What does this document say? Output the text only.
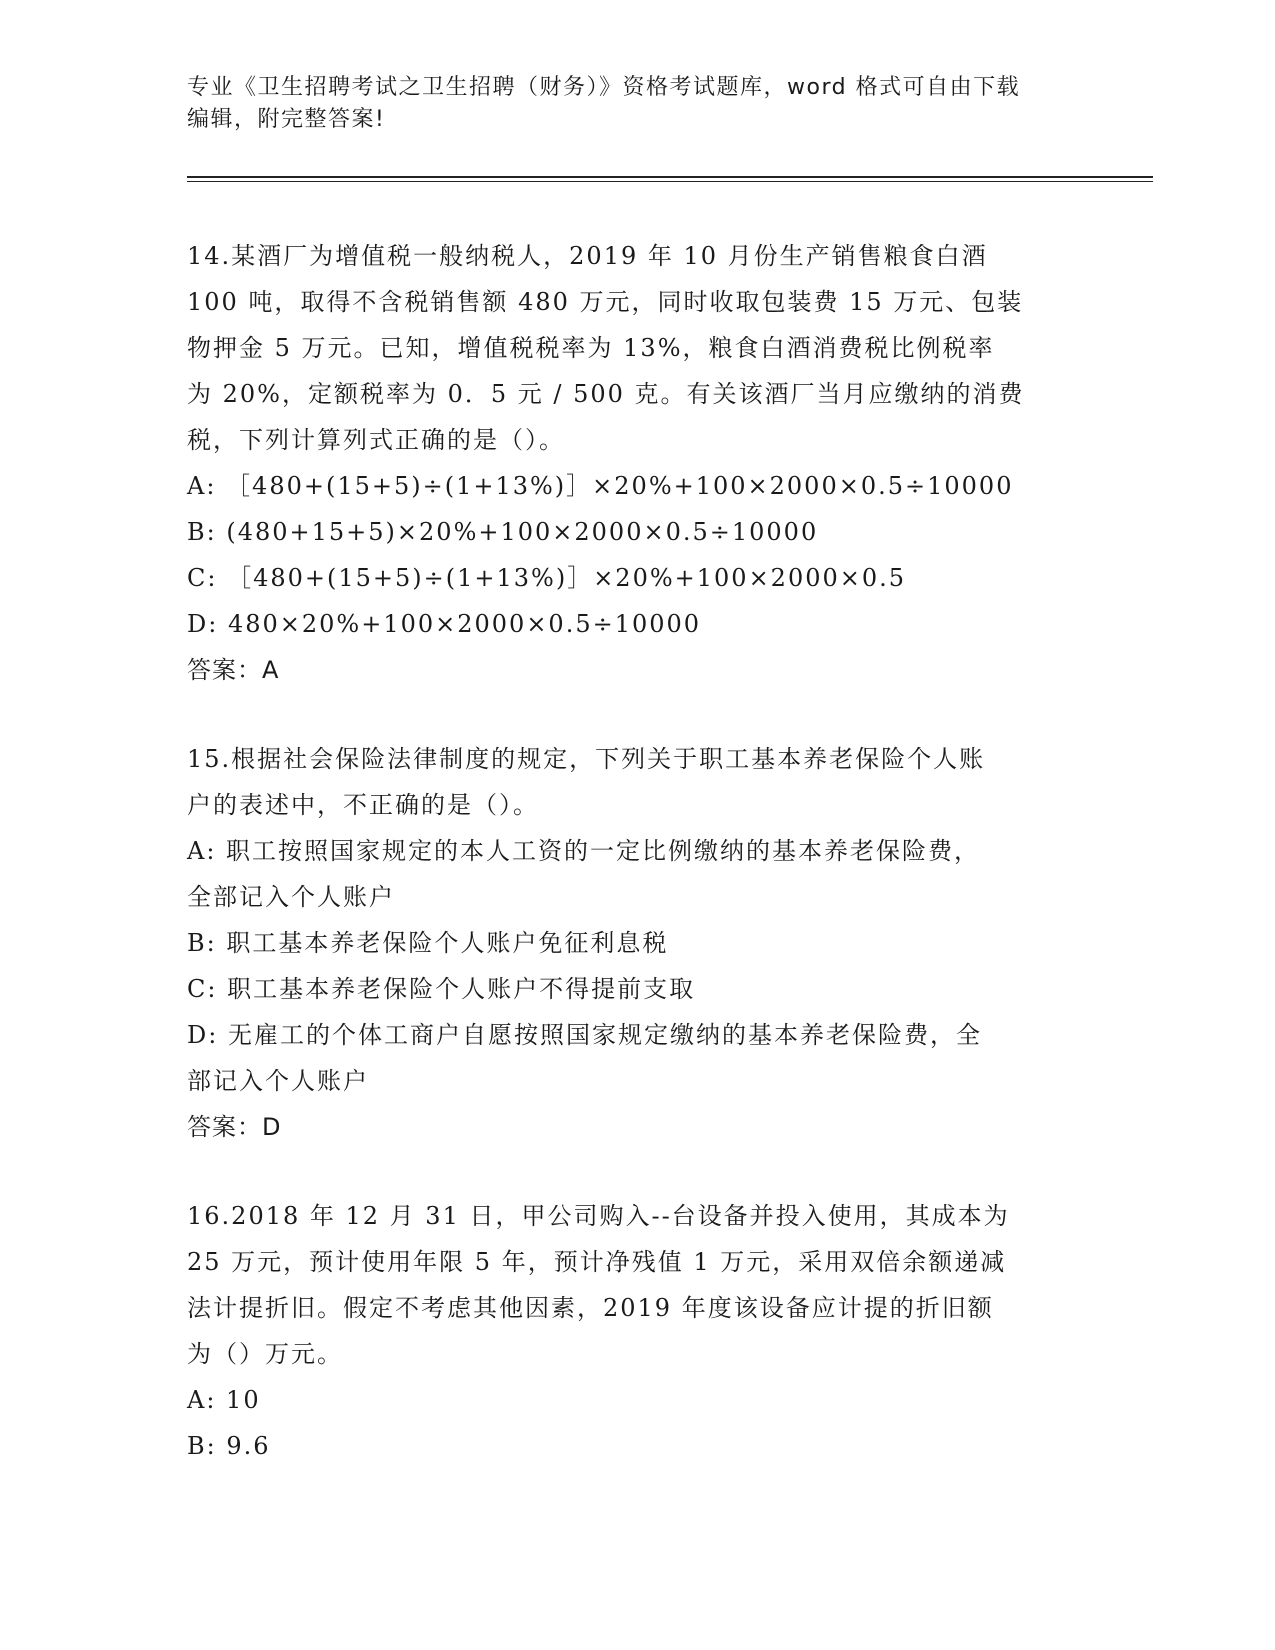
专业《卫生招聘考试之卫生招聘（财务）》资格考试题库，word 格式可自由下载
编辑，附完整答案!
14.某酒厂为增值税一般纳税人，2019 年 10 月份生产销售粮食白酒
100 吨，取得不含税销售额 480 万元，同时收取包装费 15 万元、包装
物押金 5 万元。已知，增值税税率为 13%，粮食白酒消费税比例税率
为 20%，定额税率为 0．5 元 / 500 克。有关该酒厂当月应缴纳的消费
税，下列计算列式正确的是（）。
A: ［480+(15+5)÷(1+13%)］×20%+100×2000×0.5÷10000
B: (480+15+5)×20%+100×2000×0.5÷10000
C: ［480+(15+5)÷(1+13%)］×20%+100×2000×0.5
D: 480×20%+100×2000×0.5÷10000
答案：A
15.根据社会保险法律制度的规定，下列关于职工基本养老保险个人账
户的表述中，不正确的是（）。
A: 职工按照国家规定的本人工资的一定比例缴纳的基本养老保险费，
全部记入个人账户
B: 职工基本养老保险个人账户免征利息税
C: 职工基本养老保险个人账户不得提前支取
D: 无雇工的个体工商户自愿按照国家规定缴纳的基本养老保险费，全
部记入个人账户
答案：D
16.2018 年 12 月 31 日，甲公司购入--台设备并投入使用，其成本为
25 万元，预计使用年限 5 年，预计净残值 1 万元，采用双倍余额递减
法计提折旧。假定不考虑其他因素，2019 年度该设备应计提的折旧额
为（）万元。
A: 10
B: 9.6
